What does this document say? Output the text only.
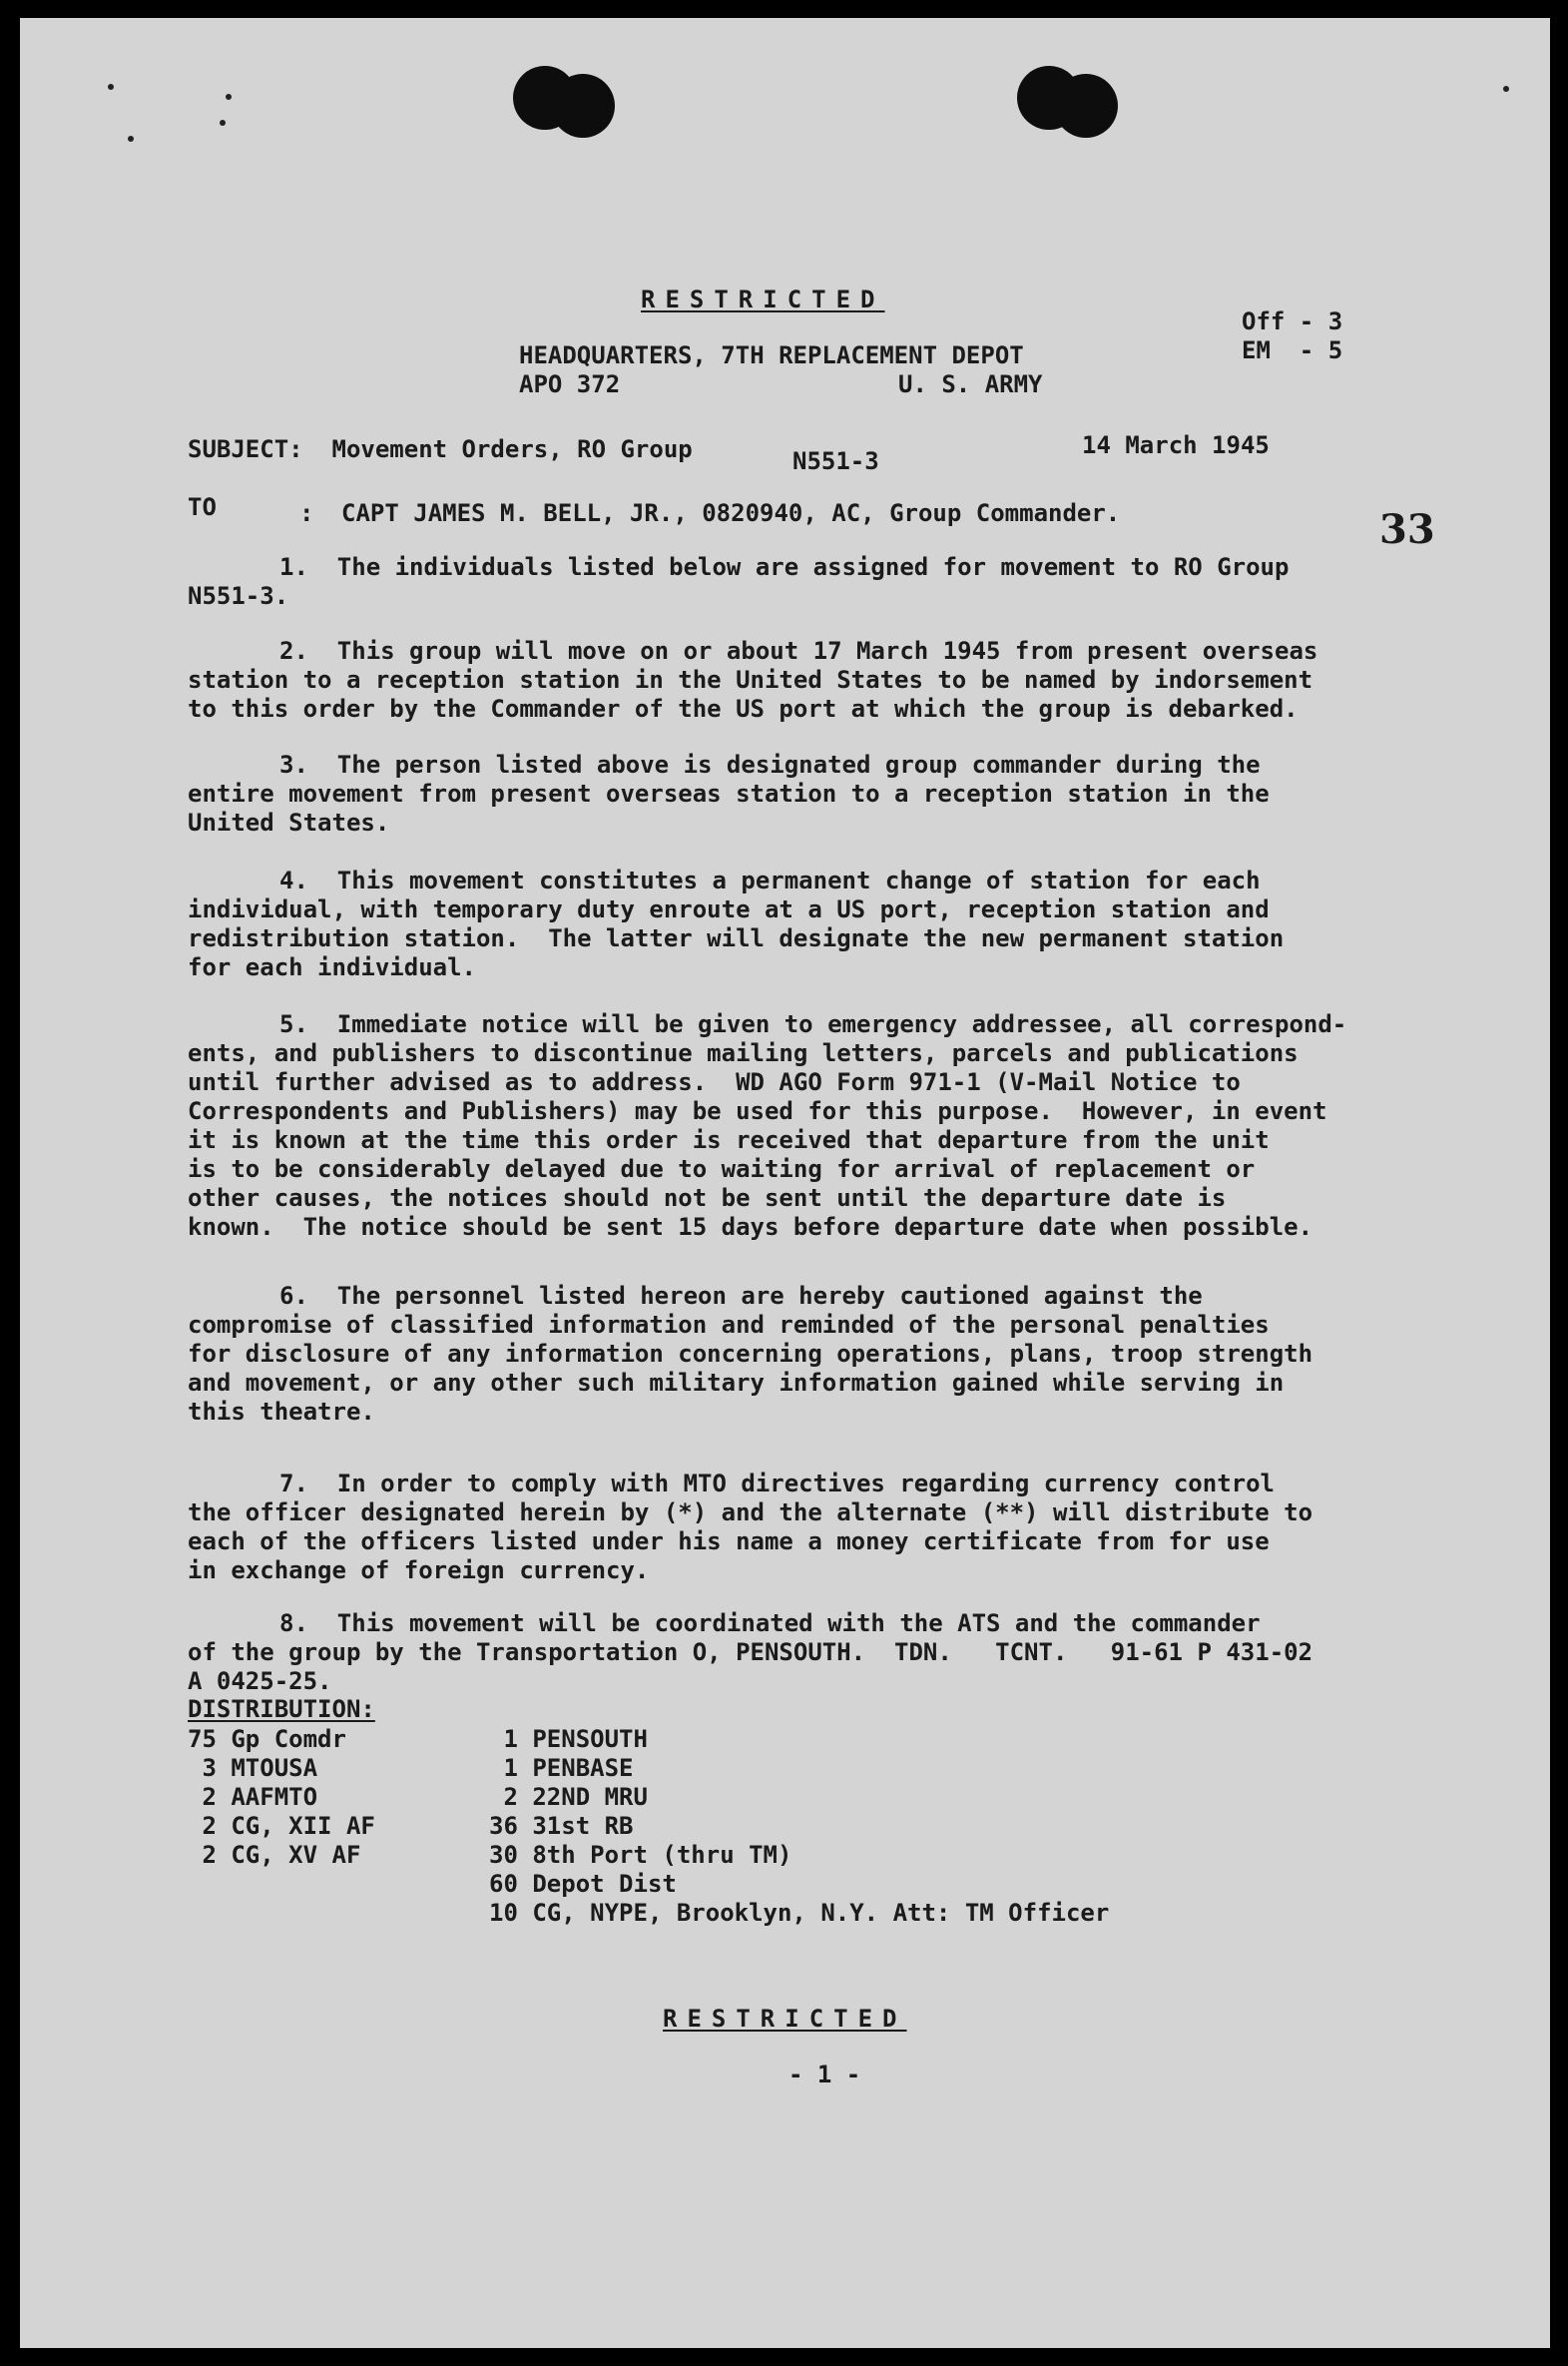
RESTRICTED

HEADQUARTERS, 7TH REPLACEMENT DEPOT

APO 372	U. S. ARMY

Off - 3

EM  - 5

SUBJECT:  Movement Orders, RO Group	N551-3

14 March 1945

TO	: CAPT JAMES M. BELL, JR., 0820940, AC, Group Commander.	33

1.  The individuals listed below are assigned for movement to RO Group

N551-3.

2.  This group will move on or about 17 March 1945 from present overseas

station to a reception station in the United States to be named by indorsement

to this order by the Commander of the US port at which the group is debarked.

3.  The person listed above is designated group commander during the

entire movement from present overseas station to a reception station in the

United States.

4.  This movement constitutes a permanent change of station for each

individual, with temporary duty enroute at a US port, reception station and

redistribution station.  The latter will designate the new permanent station

for each individual.

5.  Immediate notice will be given to emergency addressee, all correspond-

ents, and publishers to discontinue mailing letters, parcels and publications

until further advised as to address.  WD AGO Form 971-1 (V-Mail Notice to

Correspondents and Publishers) may be used for this purpose.  However, in event

it is known at the time this order is received that departure from the unit

is to be considerably delayed due to waiting for arrival of replacement or

other causes, the notices should not be sent until the departure date is

known.  The notice should be sent 15 days before departure date when possible.

6.  The personnel listed hereon are hereby cautioned against the

compromise of classified information and reminded of the personal penalties

for disclosure of any information concerning operations, plans, troop strength

and movement, or any other such military information gained while serving in

this theatre.

7.  In order to comply with MTO directives regarding currency control

the officer designated herein by (*) and the alternate (**) will distribute to

each of the officers listed under his name a money certificate from for use

in exchange of foreign currency.

8.  This movement will be coordinated with the ATS and the commander

of the group by the Transportation O, PENSOUTH.  TDN.   TCNT.   91-61 P 431-02

A 0425-25.

DISTRIBUTION:

75 Gp Comdr

3 MTOUSA

2 AAFMTO

2 CG, XII AF

2 CG, XV AF

1 PENSOUTH

1 PENBASE

2 22ND MRU

36 31st RB

30 8th Port (thru TM)

60 Depot Dist

10 CG, NYPE, Brooklyn, N.Y. Att: TM Officer

RESTRICTED

- 1 -
